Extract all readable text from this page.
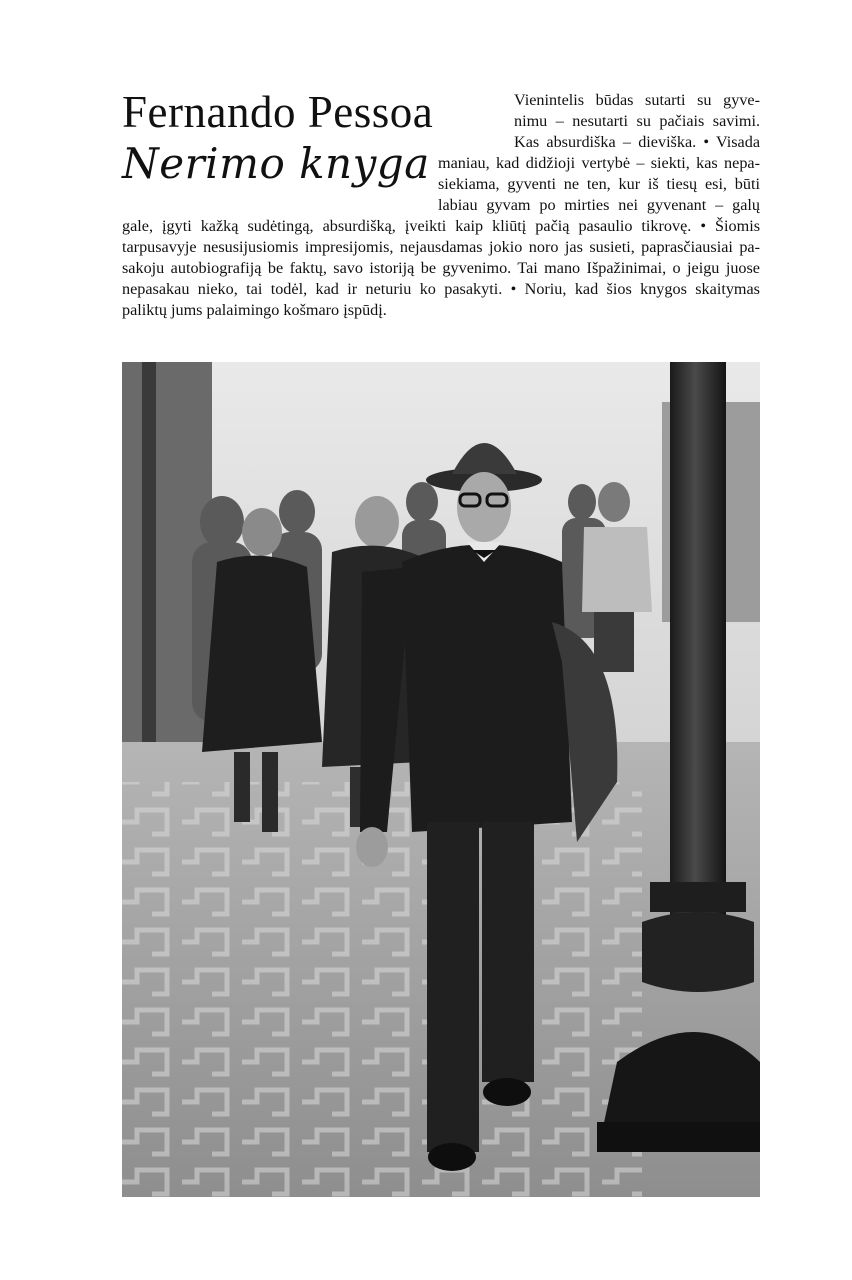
Fernando Pessoa
Nerimo knyga
Vienintelis būdas sutarti su gyve-
nimu – nesutarti su pačiais savimi.
Kas absurdiška – dieviška. • Visada
maniau, kad didžioji vertybė – siekti, kas nepa-
siekiama, gyventi ne ten, kur iš tiesų esi, būti
labiau gyvam po mirties nei gyvenant – galų
gale, įgyti kažką sudėtingą, absurdišką, įveikti kaip kliūtį pačią pasaulio tikrovę. • Šiomis
tarpusavyje nesusijusiomis impresijomis, nejausdamas jokio noro jas susieti, paprasčiausiai pa-
sakoju autobiografiją be faktų, savo istoriją be gyvenimo. Tai mano Išpažinimai, o jeigu juose
nepasakau nieko, tai todėl, kad ir neturiu ko pasakyti. • Noriu, kad šios knygos skaitymas
paliktų jums palaimingo košmaro įspūdį.
